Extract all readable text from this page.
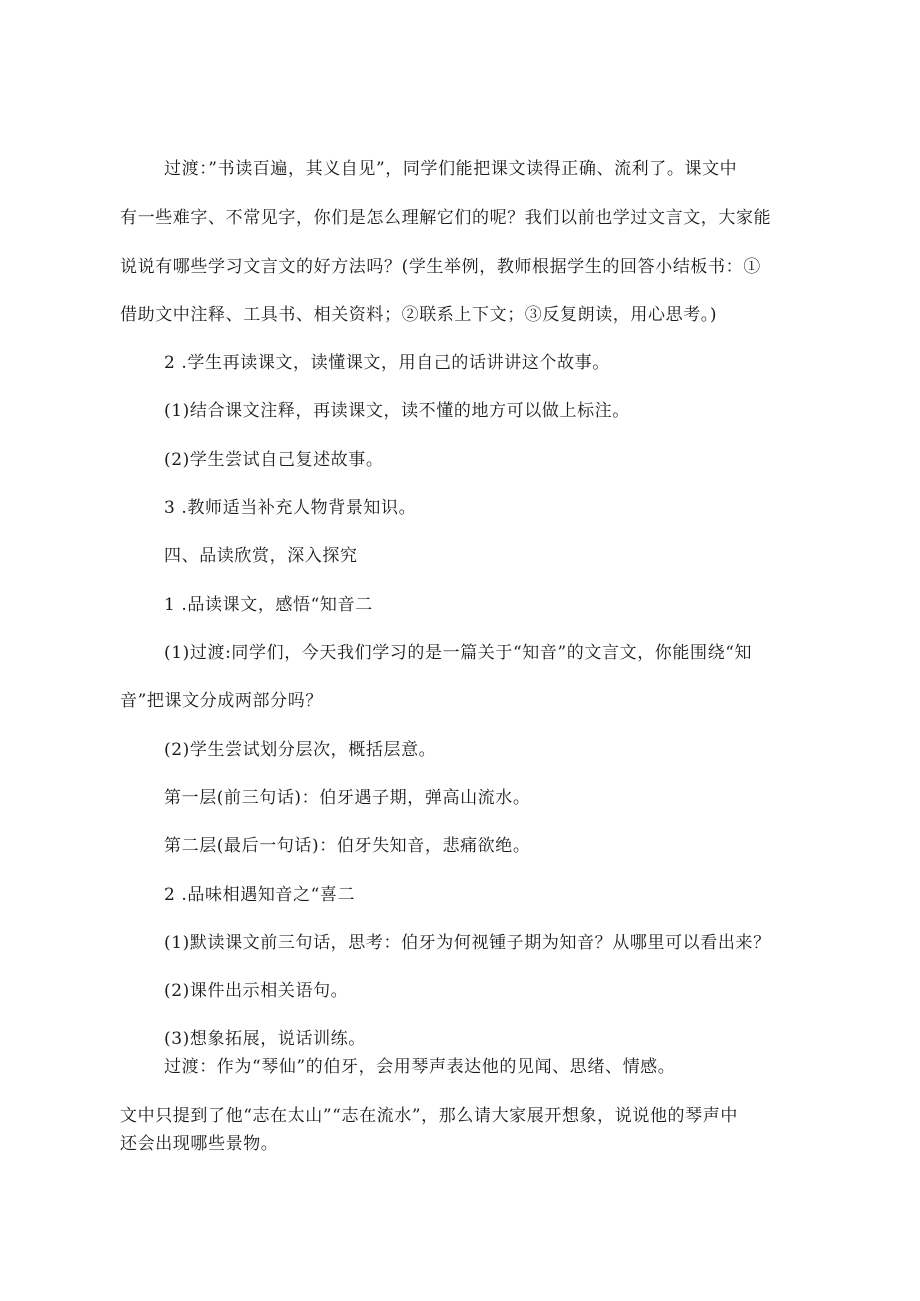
过渡：”书读百遍，其义自见”，同学们能把课文读得正确、流利了。课文中
有一些难字、不常见字，你们是怎么理解它们的呢？我们以前也学过文言文，大家能
说说有哪些学习文言文的好方法吗？(学生举例，教师根据学生的回答小结板书：①
借助文中注释、工具书、相关资料；②联系上下文；③反复朗读，用心思考。)
2 .学生再读课文，读懂课文，用自己的话讲讲这个故事。
(1)结合课文注释，再读课文，读不懂的地方可以做上标注。
(2)学生尝试自己复述故事。
3 .教师适当补充人物背景知识。
四、品读欣赏，深入探究
1 .品读课文，感悟“知音二
(1)过渡:同学们，今天我们学习的是一篇关于“知音”的文言文，你能围绕“知
音”把课文分成两部分吗？
(2)学生尝试划分层次，概括层意。
第一层(前三句话)：伯牙遇子期，弹高山流水。
第二层(最后一句话)：伯牙失知音，悲痛欲绝。
2 .品味相遇知音之“喜二
(1)默读课文前三句话，思考：伯牙为何视锺子期为知音？从哪里可以看出来？
(2)课件出示相关语句。
(3)想象拓展，说话训练。
过渡：作为“琴仙”的伯牙，会用琴声表达他的见闻、思绪、情感。
文中只提到了他“志在太山”“志在流水”，那么请大家展开想象，说说他的琴声中
还会出现哪些景物。
